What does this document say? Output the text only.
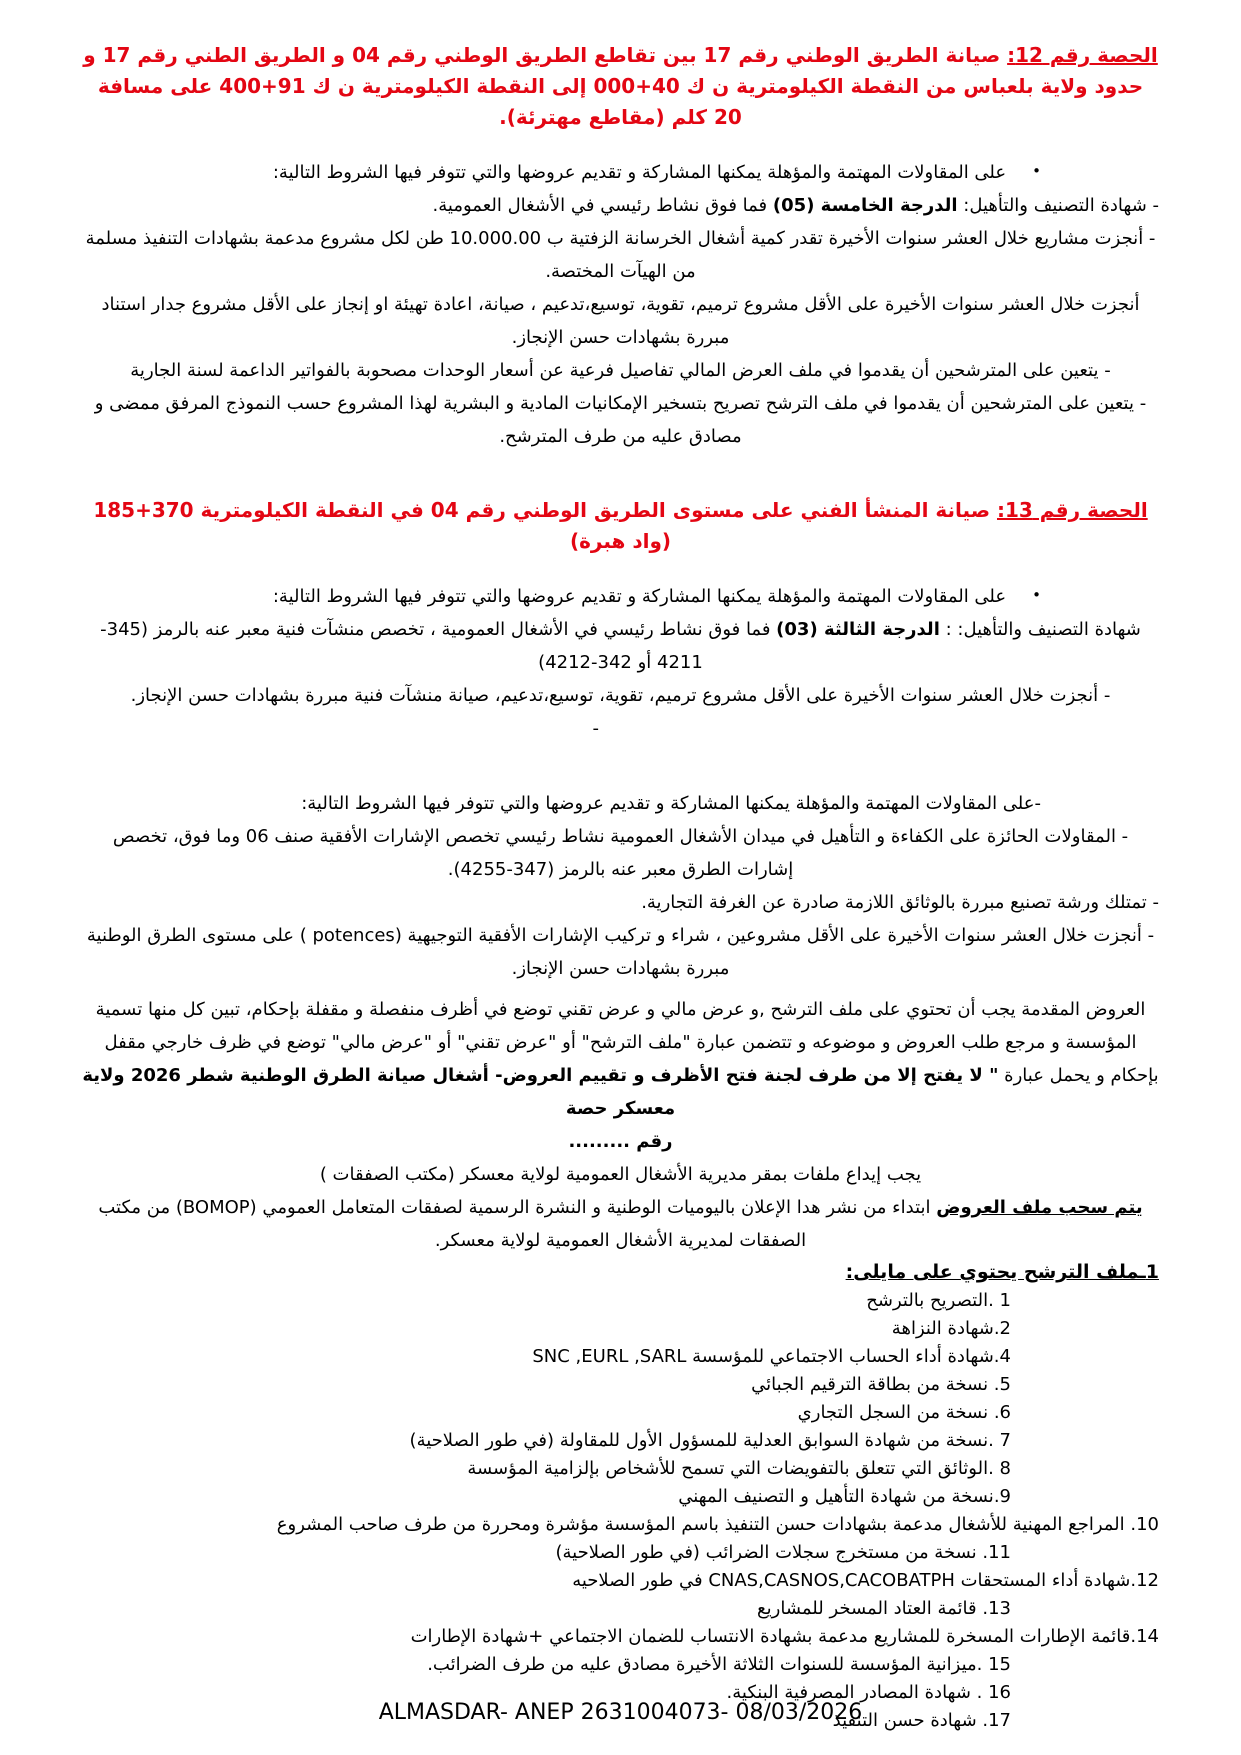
الحصة رقم 12: صيانة الطريق الوطني رقم 17 بين تقاطع الطريق الوطني رقم 04 و الطريق الطني رقم 17 و حدود ولاية بلعباس من النقطة الكيلومترية ن ك 40+000 إلى النقطة الكيلومترية ن ك 91+400 على مسافة 20 كلم (مقاطع مهترئة).

•على المقاولات المهتمة والمؤهلة يمكنها المشاركة و تقديم عروضها والتي تتوفر فيها الشروط التالية:

- شهادة التصنيف والتأهيل: الدرجة الخامسة (05) فما فوق نشاط رئيسي في الأشغال العمومية.

- أنجزت مشاريع خلال العشر سنوات الأخيرة تقدر كمية أشغال الخرسانة الزفتية ب 10.000.00 طن لكل مشروع مدعمة بشهادات التنفيذ مسلمة من الهيآت المختصة.

أنجزت خلال العشر سنوات الأخيرة على الأقل مشروع ترميم، تقوية، توسيع،تدعيم ، صيانة، اعادة تهيئة او إنجاز على الأقل مشروع جدار استناد مبررة بشهادات حسن الإنجاز.

- يتعين على المترشحين أن يقدموا في ملف العرض المالي تفاصيل فرعية عن أسعار الوحدات مصحوبة بالفواتير الداعمة لسنة الجارية

- يتعين على المترشحين أن يقدموا في ملف الترشح تصريح بتسخير الإمكانيات المادية و البشرية لهذا المشروع حسب النموذج المرفق ممضى و مصادق عليه من طرف المترشح.

الحصة رقم 13: صيانة المنشأ الفني على مستوى الطريق الوطني رقم 04 في النقطة الكيلومترية 370+185 (واد هبرة)

•على المقاولات المهتمة والمؤهلة يمكنها المشاركة و تقديم عروضها والتي تتوفر فيها الشروط التالية:

شهادة التصنيف والتأهيل: : الدرجة الثالثة (03) فما فوق نشاط رئيسي في الأشغال العمومية ، تخصص منشآت فنية معبر عنه بالرمز (345-4211 أو 342-4212)

- أنجزت خلال العشر سنوات الأخيرة على الأقل مشروع ترميم، تقوية، توسيع،تدعيم، صيانة منشآت فنية مبررة بشهادات حسن الإنجاز.

-

-على المقاولات المهتمة والمؤهلة يمكنها المشاركة و تقديم عروضها والتي تتوفر فيها الشروط التالية:

- المقاولات الحائزة على الكفاءة و التأهيل في ميدان الأشغال العمومية نشاط رئيسي تخصص الإشارات الأفقية صنف 06 وما فوق، تخصص إشارات الطرق معبر عنه بالرمز (347-4255).

- تمتلك ورشة تصنيع مبررة بالوثائق اللازمة صادرة عن الغرفة التجارية.

- أنجزت خلال العشر سنوات الأخيرة على الأقل مشروعين ، شراء و تركيب الإشارات الأفقية التوجيهية (potences ) على مستوى الطرق الوطنية مبررة بشهادات حسن الإنجاز.

العروض المقدمة يجب أن تحتوي على ملف الترشح ,و عرض مالي و عرض تقني توضع في أظرف منفصلة و مقفلة بإحكام، تبين كل منها تسمية المؤسسة و مرجع طلب العروض و موضوعه و تتضمن عبارة "ملف الترشح" أو "عرض تقني" أو "عرض مالي" توضع في ظرف خارجي مقفل بإحكام و يحمل عبارة " لا يفتح إلا من طرف لجنة فتح الأظرف و تقييم العروض- أشغال صيانة الطرق الوطنية شطر 2026 ولاية معسكر حصة

رقم .........

يجب إيداع ملفات بمقر مديرية الأشغال العمومية لولاية معسكر (مكتب الصفقات )

يتم سحب ملف العروض ابتداء من نشر هدا الإعلان باليوميات الوطنية و النشرة الرسمية لصفقات المتعامل العمومي (BOMOP) من مكتب الصفقات لمديرية الأشغال العمومية لولاية معسكر.

1ـملف الترشح يحتوي على مايلى:

1 .التصريح بالترشح

2.شهادة النزاهة

4.شهادة أداء الحساب الاجتماعي للمؤسسة SNC ,EURL ,SARL

5. نسخة من بطاقة الترقيم الجبائي

6. نسخة من السجل التجاري

7 .نسخة من شهادة السوابق العدلية للمسؤول الأول للمقاولة (في طور الصلاحية)

8 .الوثائق التي تتعلق بالتفويضات التي تسمح للأشخاص بإلزامية المؤسسة

9.نسخة من شهادة التأهيل و التصنيف المهني

10. المراجع المهنية للأشغال مدعمة بشهادات حسن التنفيذ باسم المؤسسة مؤشرة ومحررة من طرف صاحب المشروع

11. نسخة من مستخرج سجلات الضرائب (في طور الصلاحية)

12.شهادة أداء المستحقات CNAS,CASNOS,CACOBATPH في طور الصلاحيه

13. قائمة العتاد المسخر للمشاريع

14.قائمة الإطارات المسخرة للمشاريع مدعمة بشهادة الانتساب للضمان الاجتماعي +شهادة الإطارات

15 .ميزانية المؤسسة للسنوات الثلاثة الأخيرة مصادق عليه من طرف الضرائب.

16 . شهادة المصادر المصرفية البنكية.

17. شهادة حسن التنفيذ

ALMASDAR- ANEP 2631004073- 08/03/2026
